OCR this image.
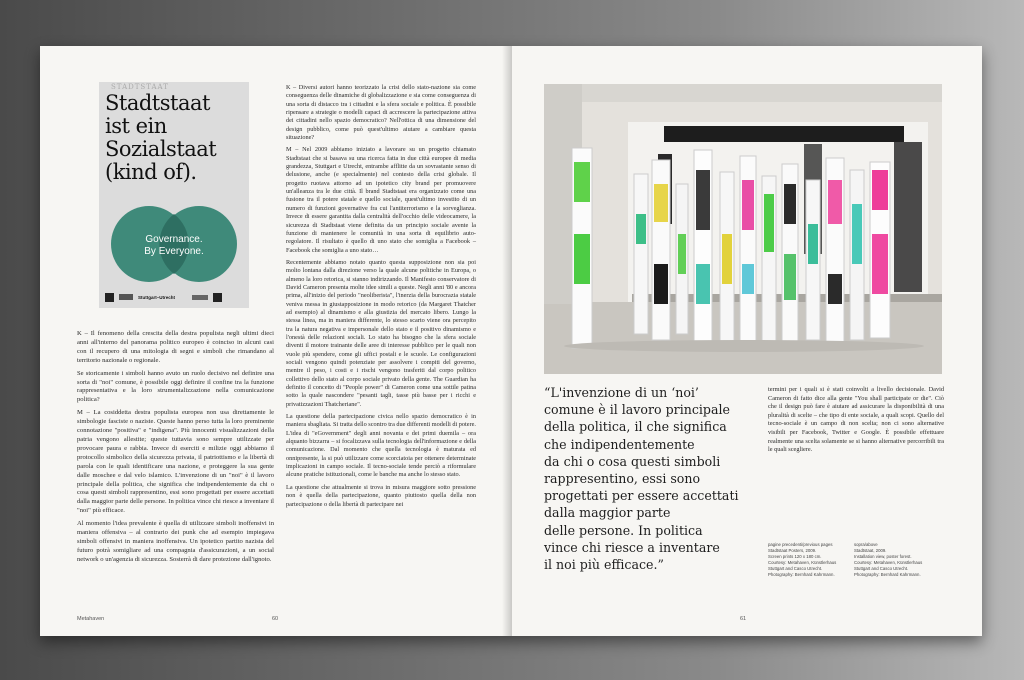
STADTSTAAT
Stadtstaat
ist ein
Sozialstaat
(kind of).
Governance.
By Everyone.
Stuttgart–Utrecht

K – Il fenomeno della crescita della destra populista negli ultimi dieci anni all'interno del panorama politico europeo è coinciso in alcuni casi con il recupero di una mitologia di segni e simboli che rimandano al territorio nazionale o regionale.

Se storicamente i simboli hanno avuto un ruolo decisivo nel definire una sorta di "noi" comune, è possibile oggi definire il confine tra la funzione rappresentativa e la loro strumentalizzazione nella comunicazione politica?

M – La cosiddetta destra populista europea non usa direttamente le simbologie fasciste o naziste. Queste hanno perso tutta la loro preminente connotazione "positiva" e "indigena". Più innocenti visualizzazioni della patria vengono allestite; queste tuttavia sono sempre utilizzate per provocare paura e rabbia. Invece di eserciti e milizie oggi abbiamo il protocollo simbolico della sicurezza privata, il patriottismo e la libertà di parola con le quali identificare una nazione, e proteggere la sua gente dalle moschee e dal velo islamico. L'invenzione di un "noi" è il lavoro principale della politica, che significa che indipendentemente da chi o cosa questi simboli rappresentino, essi sono progettati per essere accettati dalla maggior parte delle persone. In politica vince chi riesce a inventare il "noi" più efficace.

Al momento l'idea prevalente è quella di utilizzare simboli inoffensivi in maniera offensiva – al contrario dei punk che ad esempio impiegava simboli offensivi in maniera inoffensiva. Un ipotetico partito nazista del futuro potrà somigliare ad una compagnia d'assicurazioni, a un social network o un'agenzia di sicurezza. Sosterrà di dare protezione dall'ignoto.

K – Diversi autori hanno teorizzato la crisi dello stato-nazione sia come conseguenza delle dinamiche di globalizzazione e sia come conseguenza di una sorta di distacco tra i cittadini e la sfera sociale e politica. È possibile ripensare a strategie o modelli capaci di accrescere la partecipazione attiva dei cittadini nello spazio democratico? Nell'ottica di una dimensione del design pubblico, come può quest'ultimo aiutare a cambiare questa situazione?

M – Nel 2009 abbiamo iniziato a lavorare su un progetto chiamato Stadtstaat che si basava su una ricerca fatta in due città europee di media grandezza, Stuttgart e Utrecht, entrambe afflitte da un sovrastante senso di delusione, anche (e specialmente) nel contesto della crisi globale. Il progetto ruotava attorno ad un ipotetico city brand per promuovere un'alleanza tra le due città. Il brand Stadtstaat era organizzato come una fusione tra il potere statale e quello sociale, quest'ultimo investito di un numero di funzioni governative fra cui l'antiterrorismo e la sorveglianza. Invece di essere garantita dalla centralità dell'occhio delle videocamere, la sicurezza di Stadtstaat viene definita da un principio sociale avente la funzione di mantenere le comunità in una sorta di equilibrio auto-regolatore. Il risultato è quello di uno stato che somiglia a Facebook – Facebook che somiglia a uno stato…

Recentemente abbiamo notato quanto questa supposizione non sia poi molto lontana dalla direzione verso la quale alcune politiche in Europa, o almeno la loro retorica, si stanno indirizzando. Il Manifesto conservatore di David Cameron presenta molte idee simili a queste. Negli anni '80 e ancora prima, all'inizio del periodo "neoliberista", l'inerzia della burocrazia statale veniva messa in giustapposizione in modo retorico (da Margaret Thatcher ad esempio) al dinamismo e alla giustizia del mercato libero. Lungo la stessa linea, ma in maniera differente, lo stesso scarto viene ora percepito tra la natura negativa e impersonale dello stato e il positivo dinamismo e l'onestà delle relazioni sociali. Lo stato ha bisogno che la sfera sociale diventi il motore trainante delle aree di interesse pubblico per le quali non vuole più spendere, come gli uffici postali e le scuole. Le configurazioni sociali vengono quindi potenziate per assolvere i compiti del governo, mentre il peso, i costi e i rischi vengono trasferiti dal corpo politico collettivo dello stato al corpo sociale privato della gente. The Guardian ha definito il concetto di "People power" di Cameron come una sottile patina sotto la quale nascondere "pesanti tagli, tasse più basse per i ricchi e privatizzazioni Thatcheriane".

La questione della partecipazione civica nello spazio democratico è in maniera sbagliata. Si tratta dello scontro tra due differenti modelli di potere. L'idea di "eGovernment" degli anni novanta e dei primi duemila – ora alquanto bizzarra – si focalizzava sulla tecnologia dell'informazione e della comunicazione. Dal momento che quella tecnologia è maturata ed onnipresente, la si può utilizzare come scorciatoia per ottenere determinate implicazioni in campo sociale. Il tecno-sociale tende perciò a riformulare alcune pratiche istituzionali, come le banche ma anche lo stesso stato.

La questione che attualmente si trova in misura maggiore sotto pressione non è quella della partecipazione, quanto piuttosto quella della non partecipazione o della libertà di partecipare nei

Metahaven	60
“L'invenzione di un ‘noi’
comune è il lavoro principale
della politica, il che significa
che indipendentemente
da chi o cosa questi simboli
rappresentino, essi sono
progettati per essere accettati
dalla maggior parte
delle persone. In politica
vince chi riesce a inventare
il noi più efficace.”

termini per i quali si è stati coinvolti a livello decisionale. David Cameron di fatto dice alla gente "You shall participate or die". Ciò che il design può fare è aiutare ad assicurare la disponibilità di una pluralità di scelte – che tipo di ente sociale, a quali scopi. Quello del tecno-sociale è un campo di non scelta; non ci sono alternative visibili per Facebook, Twitter e Google. È possibile effettuare realmente una scelta solamente se si hanno alternative percorribili tra le quali scegliere.

pagine precedenti/previous pages
Stadtstaat Posters, 2009.
Screen prints 120 x 180 cm.
Courtesy: Metahaven, Künstlerhaus
Stuttgart and Casco Utrecht.
Photography: Bernhard Kahrmann.
sopra/above
Stadtstaat, 2009.
Installation view, poster forest.
Courtesy: Metahaven, Künstlerhaus
Stuttgart and Casco Utrecht.
Photography: Bernhard Kahrmann.
61
